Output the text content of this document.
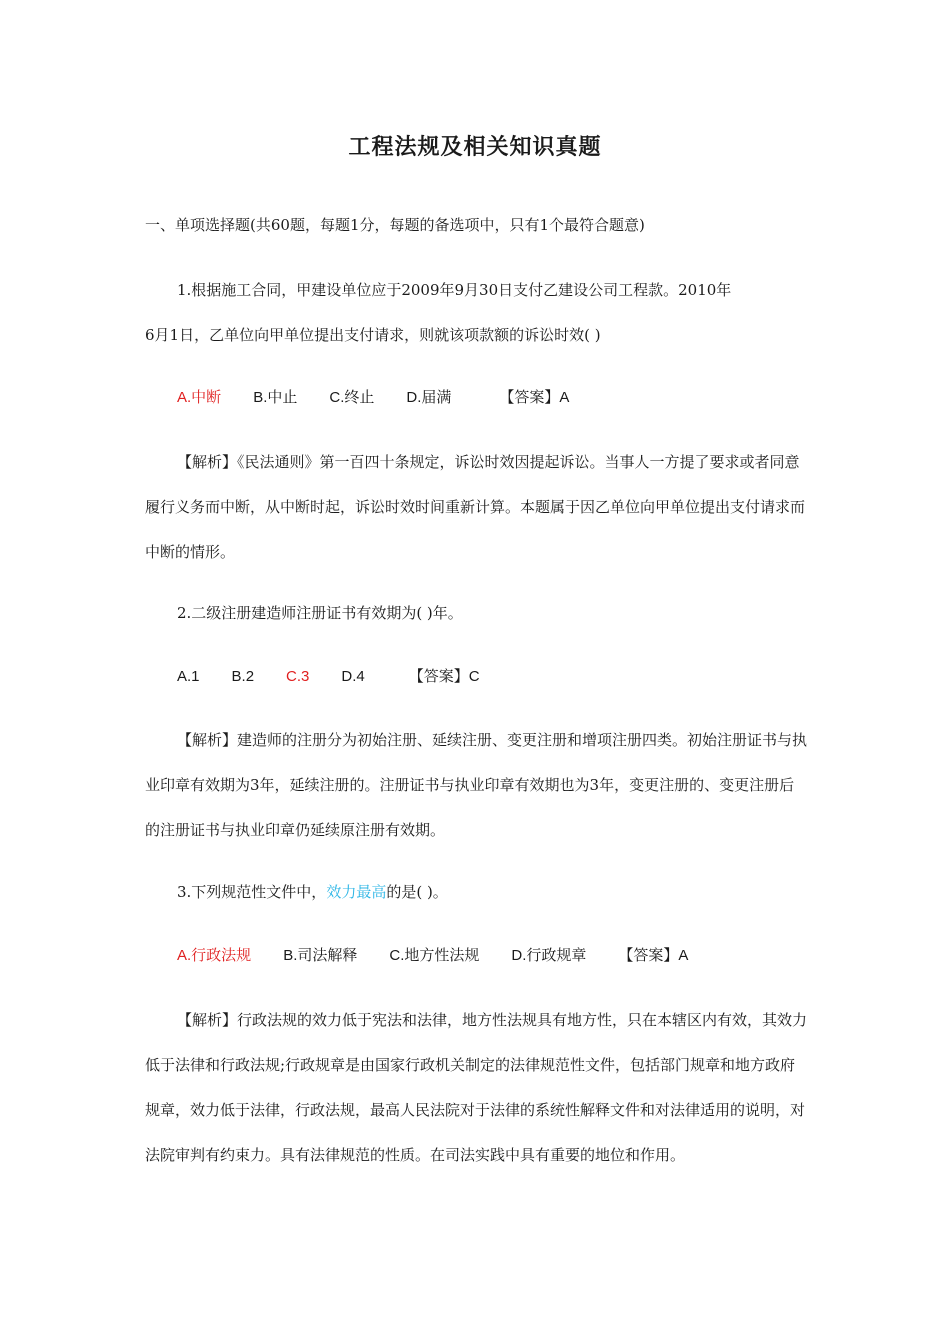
工程法规及相关知识真题
一、单项选择题(共60题，每题1分，每题的备选项中，只有1个最符合题意)
1.根据施工合同，甲建设单位应于2009年9月30日支付乙建设公司工程款。2010年
6月1日，乙单位向甲单位提出支付请求，则就该项款额的诉讼时效( )
A.中断 B.中止 C.终止 D.届满	【答案】A
【解析】《民法通则》第一百四十条规定，诉讼时效因提起诉讼。当事人一方提了要求或者同意履行义务而中断，从中断时起，诉讼时效时间重新计算。本题属于因乙单位向甲单位提出支付请求而中断的情形。
2.二级注册建造师注册证书有效期为( )年。
A.1 B.2 C.3 D.4	【答案】C
【解析】建造师的注册分为初始注册、延续注册、变更注册和增项注册四类。初始注册证书与执业印章有效期为3年，延续注册的。注册证书与执业印章有效期也为3年，变更注册的、变更注册后的注册证书与执业印章仍延续原注册有效期。
3.下列规范性文件中，效力最高的是( )。
A.行政法规 B.司法解释 C.地方性法规 D.行政规章 【答案】A
【解析】行政法规的效力低于宪法和法律，地方性法规具有地方性，只在本辖区内有效，其效力低于法律和行政法规;行政规章是由国家行政机关制定的法律规范性文件，包括部门规章和地方政府规章，效力低于法律，行政法规，最高人民法院对于法律的系统性解释文件和对法律适用的说明，对法院审判有约束力。具有法律规范的性质。在司法实践中具有重要的地位和作用。
